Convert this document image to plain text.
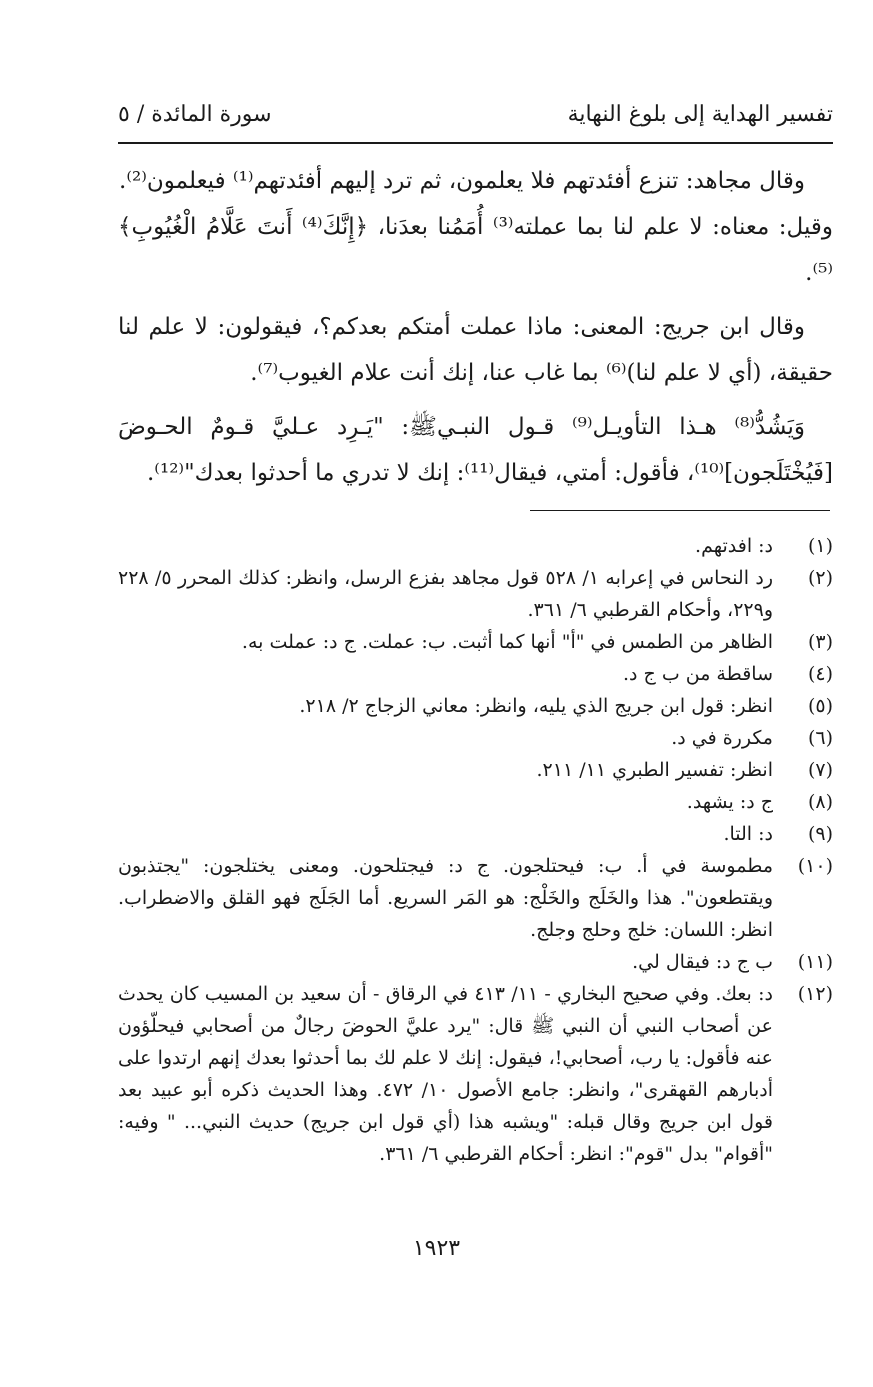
تفسير الهداية إلى بلوغ النهاية
سورة المائدة / ٥

وقال مجاهد: تنزع أفئدتهم فلا يعلمون، ثم ترد إليهم أفئدتهم⁽¹⁾ فيعلمون⁽²⁾.

وقيل: معناه: لا علم لنا بما عملته⁽³⁾ أُمَمُنا بعدَنا، ﴿إِنَّكَ⁽⁴⁾ أَنتَ عَلَّامُ الْغُيُوبِ﴾⁽⁵⁾.

وقال ابن جريج: المعنى: ماذا عملت أمتكم بعدكم؟، فيقولون: لا علم لنا حقيقة، (أي لا علم لنا)⁽⁶⁾ بما غاب عنا، إنك أنت علام الغيوب⁽⁷⁾.

وَيَشُدُّ⁽⁸⁾ هـذا التأويـل⁽⁹⁾ قـول النبـيﷺ: "يَـرِد عـليَّ قـومٌ الحـوضَ [فَيُخْتَلَجون]⁽¹⁰⁾، فأقول: أمتي، فيقال⁽¹¹⁾: إنك لا تدري ما أحدثوا بعدك"⁽¹²⁾.

(١)
د: افدتهم.
(٢)
رد النحاس في إعرابه ١/ ٥٢٨ قول مجاهد بفزع الرسل، وانظر: كذلك المحرر ٥/ ٢٢٨ و٢٢٩، وأحكام القرطبي ٦/ ٣٦١.
(٣)
الظاهر من الطمس في "أ" أنها كما أثبت. ب: عملت. ج د: عملت به.
(٤)
ساقطة من ب ج د.
(٥)
انظر: قول ابن جريج الذي يليه، وانظر: معاني الزجاج ٢/ ٢١٨.
(٦)
مكررة في د.
(٧)
انظر: تفسير الطبري ١١/ ٢١١.
(٨)
ج د: يشهد.
(٩)
د: التا.
(١٠)
مطموسة في أ. ب: فيحتلجون. ج د: فيجتلحون. ومعنى يختلجون: "يجتذبون ويقتطعون". هذا والخَلَج والخَلْج: هو المَر السريع. أما الجَلَج فهو القلق والاضطراب. انظر: اللسان: خلج وحلج وجلج.
(١١)
ب ج د: فيقال لي.
(١٢)
د: بعك. وفي صحيح البخاري - ١١/ ٤١٣ في الرقاق - أن سعيد بن المسيب كان يحدث عن أصحاب النبي أن النبي ﷺ قال: "يرد عليَّ الحوضَ رجالٌ من أصحابي فيحلّؤون عنه فأقول: يا رب، أصحابي!، فيقول: إنك لا علم لك بما أحدثوا بعدك إنهم ارتدوا على أدبارهم القهقرى"، وانظر: جامع الأصول ١٠/ ٤٧٢. وهذا الحديث ذكره أبو عبيد بعد قول ابن جريج وقال قبله: "ويشبه هذا (أي قول ابن جريج) حديث النبي... " وفيه: "أقوام" بدل "قوم": انظر: أحكام القرطبي ٦/ ٣٦١.
١٩٢٣
